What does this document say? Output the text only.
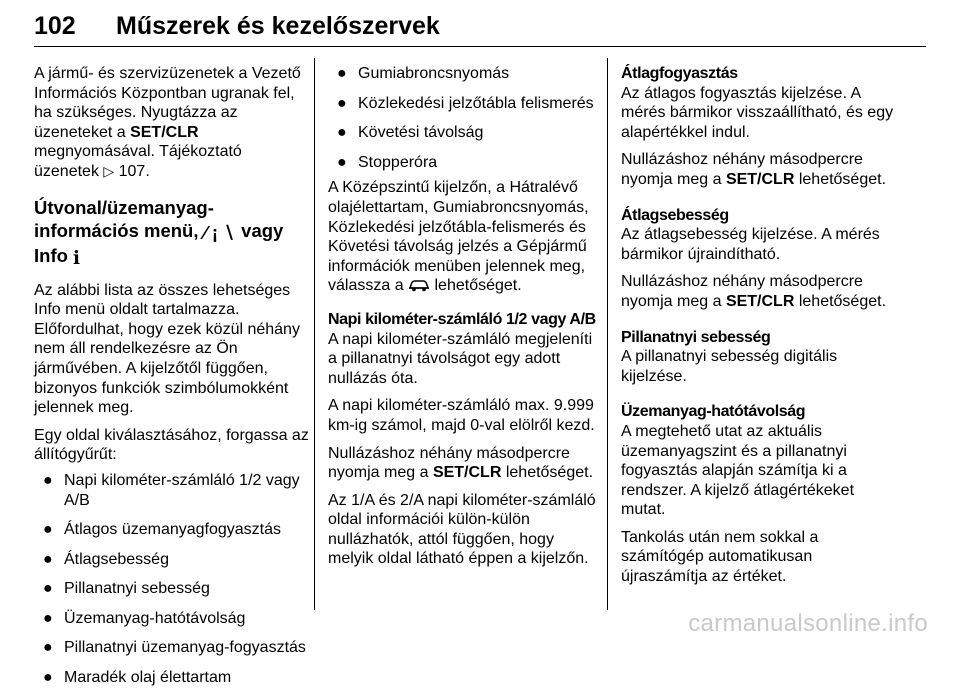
102 Műszerek és kezelőszervek

A jármű- és szervizüzenetek a Vezető Információs Központban ugranak fel, ha szükséges. Nyugtázza az üzeneteket a SET/CLR megnyomásával. Tájékoztató üzenetek ▷ 107.

Útvonal/üzemanyag-információs menü, ⁄ ¡ ∖ vagy Info ℹ

Az alábbi lista az összes lehetséges Info menü oldalt tartalmazza. Előfordulhat, hogy ezek közül néhány nem áll rendelkezésre az Ön járművében. A kijelzőtől függően, bizonyos funkciók szimbólumokként jelennek meg.

Egy oldal kiválasztásához, forgassa az állítógyűrűt:

● Napi kilométer-számláló 1/2 vagy A/B
● Átlagos üzemanyagfogyasztás
● Átlagsebesség
● Pillanatnyi sebesség
● Üzemanyag-hatótávolság
● Pillanatnyi üzemanyag-fogyasztás
● Maradék olaj élettartam
● Gumiabroncsnyomás
● Közlekedési jelzőtábla felismerés
● Követési távolság
● Stopperóra

A Középszintű kijelzőn, a Hátralévő olajélettartam, Gumiabroncsnyomás, Közlekedési jelzőtábla-felismerés és Követési távolság jelzés a Gépjármű információk menüben jelennek meg, válassza a  lehetőséget.

Napi kilométer-számláló 1/2 vagy A/B

A napi kilométer-számláló megjeleníti a pillanatnyi távolságot egy adott nullázás óta.

A napi kilométer-számláló max. 9.999 km-ig számol, majd 0-val elölről kezd.

Nullázáshoz néhány másodpercre nyomja meg a SET/CLR lehetőséget.

Az 1/A és 2/A napi kilométer-számláló oldal információi külön-külön nullázhatók, attól függően, hogy melyik oldal látható éppen a kijelzőn.

Átlagfogyasztás

Az átlagos fogyasztás kijelzése. A mérés bármikor visszaállítható, és egy alapértékkel indul.

Nullázáshoz néhány másodpercre nyomja meg a SET/CLR lehetőséget.

Átlagsebesség

Az átlagsebesség kijelzése. A mérés bármikor újraindítható.

Nullázáshoz néhány másodpercre nyomja meg a SET/CLR lehetőséget.

Pillanatnyi sebesség

A pillanatnyi sebesség digitális kijelzése.

Üzemanyag-hatótávolság

A megtehető utat az aktuális üzemanyagszint és a pillanatnyi fogyasztás alapján számítja ki a rendszer. A kijelző átlagértékeket mutat.

Tankolás után nem sokkal a számítógép automatikusan újraszámítja az értéket.

carmanualsonline.info
